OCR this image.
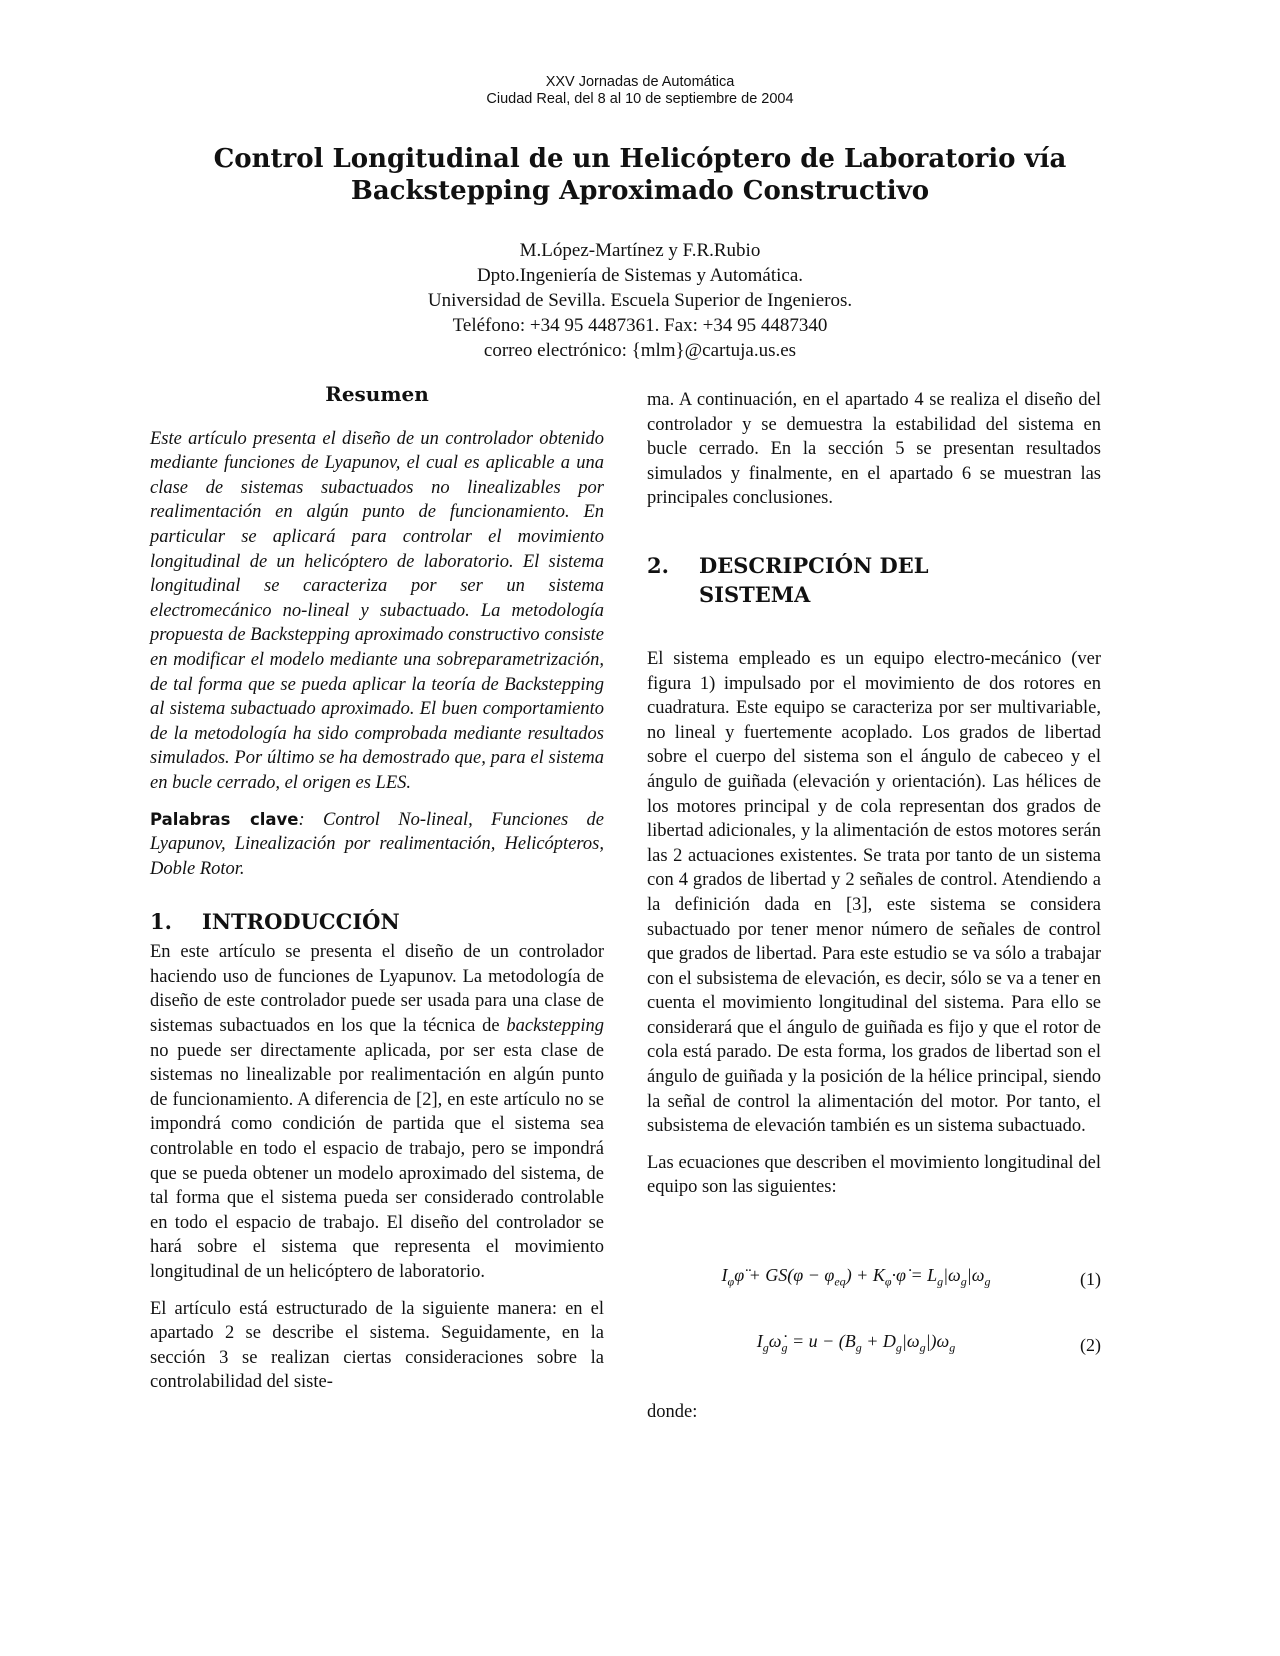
XXV Jornadas de Automática
Ciudad Real, del 8 al 10 de septiembre de 2004
Control Longitudinal de un Helicóptero de Laboratorio vía
Backstepping Aproximado Constructivo
M.López-Martínez y F.R.Rubio
Dpto.Ingeniería de Sistemas y Automática.
Universidad de Sevilla. Escuela Superior de Ingenieros.
Teléfono: +34 95 4487361. Fax: +34 95 4487340
correo electrónico: {mlm}@cartuja.us.es
Resumen

Este artículo presenta el diseño de un controlador obtenido mediante funciones de Lyapunov, el cual es aplicable a una clase de sistemas subactuados no linealizables por realimentación en algún punto de funcionamiento. En particular se aplicará para controlar el movimiento longitudinal de un helicóptero de laboratorio. El sistema longitudinal se caracteriza por ser un sistema electromecánico no-lineal y subactuado. La metodología propuesta de Backstepping aproximado constructivo consiste en modificar el modelo mediante una sobreparametrización, de tal forma que se pueda aplicar la teoría de Backstepping al sistema subactuado aproximado. El buen comportamiento de la metodología ha sido comprobada mediante resultados simulados. Por último se ha demostrado que, para el sistema en bucle cerrado, el origen es LES.

Palabras clave: Control No-lineal, Funciones de Lyapunov, Linealización por realimentación, Helicópteros, Doble Rotor.

1.	INTRODUCCIÓN

En este artículo se presenta el diseño de un controlador haciendo uso de funciones de Lyapunov. La metodología de diseño de este controlador puede ser usada para una clase de sistemas subactuados en los que la técnica de backstepping no puede ser directamente aplicada, por ser esta clase de sistemas no linealizable por realimentación en algún punto de funcionamiento. A diferencia de [2], en este artículo no se impondrá como condición de partida que el sistema sea controlable en todo el espacio de trabajo, pero se impondrá que se pueda obtener un modelo aproximado del sistema, de tal forma que el sistema pueda ser considerado controlable en todo el espacio de trabajo. El diseño del controlador se hará sobre el sistema que representa el movimiento longitudinal de un helicóptero de laboratorio.

El artículo está estructurado de la siguiente manera: en el apartado 2 se describe el sistema. Seguidamente, en la sección 3 se realizan ciertas consideraciones sobre la controlabilidad del siste-

ma. A continuación, en el apartado 4 se realiza el diseño del controlador y se demuestra la estabilidad del sistema en bucle cerrado. En la sección 5 se presentan resultados simulados y finalmente, en el apartado 6 se muestran las principales conclusiones.

2.	DESCRIPCIÓN DEL
SISTEMA

El sistema empleado es un equipo electro-mecánico (ver figura 1) impulsado por el movimiento de dos rotores en cuadratura. Este equipo se caracteriza por ser multivariable, no lineal y fuertemente acoplado. Los grados de libertad sobre el cuerpo del sistema son el ángulo de cabeceo y el ángulo de guiñada (elevación y orientación). Las hélices de los motores principal y de cola representan dos grados de libertad adicionales, y la alimentación de estos motores serán las 2 actuaciones existentes. Se trata por tanto de un sistema con 4 grados de libertad y 2 señales de control. Atendiendo a la definición dada en [3], este sistema se considera subactuado por tener menor número de señales de control que grados de libertad. Para este estudio se va sólo a trabajar con el subsistema de elevación, es decir, sólo se va a tener en cuenta el movimiento longitudinal del sistema. Para ello se considerará que el ángulo de guiñada es fijo y que el rotor de cola está parado. De esta forma, los grados de libertad son el ángulo de guiñada y la posición de la hélice principal, siendo la señal de control la alimentación del motor. Por tanto, el subsistema de elevación también es un sistema subactuado.

Las ecuaciones que describen el movimiento longitudinal del equipo son las siguientes:

$I_\varphi\varphï + GS(\varphi - \varphi_{eq})$ + $K_\varphi\cdot\varphi̇ = L_g|\omega_g|\omega_g$	(1)
$I_g\omegȧ_g = u - (B_g + D_g|\omega_g|)\omega_g$	(2)

donde:
